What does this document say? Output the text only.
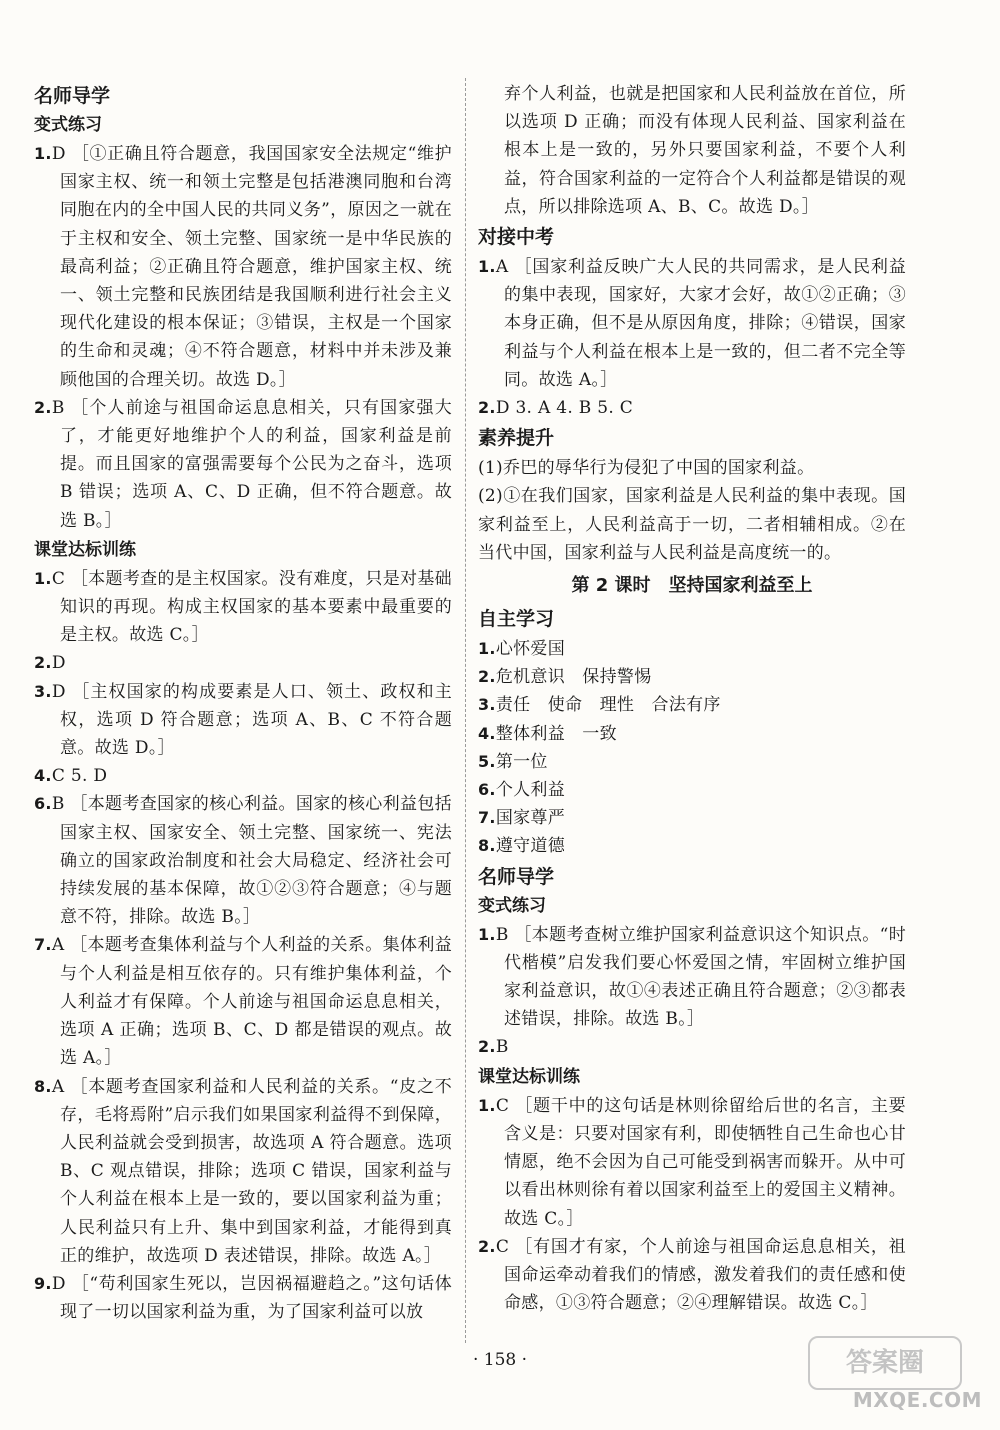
名师导学
变式练习

1.D ［①正确且符合题意，我国国家安全法规定“维护国家主权、统一和领土完整是包括港澳同胞和台湾同胞在内的全中国人民的共同义务”，原因之一就在于主权和安全、领土完整、国家统一是中华民族的最高利益；②正确且符合题意，维护国家主权、统一、领土完整和民族团结是我国顺利进行社会主义现代化建设的根本保证；③错误，主权是一个国家的生命和灵魂；④不符合题意，材料中并未涉及兼顾他国的合理关切。故选 D。］

2.B ［个人前途与祖国命运息息相关，只有国家强大了，才能更好地维护个人的利益，国家利益是前提。而且国家的富强需要每个公民为之奋斗，选项 B 错误；选项 A、C、D 正确，但不符合题意。故选 B。］

课堂达标训练

1.C ［本题考查的是主权国家。没有难度，只是对基础知识的再现。构成主权国家的基本要素中最重要的是主权。故选 C。］

2.D

3.D ［主权国家的构成要素是人口、领土、政权和主权，选项 D 符合题意；选项 A、B、C 不符合题意。故选 D。］

4.C 5. D

6.B ［本题考查国家的核心利益。国家的核心利益包括国家主权、国家安全、领土完整、国家统一、宪法确立的国家政治制度和社会大局稳定、经济社会可持续发展的基本保障，故①②③符合题意；④与题意不符，排除。故选 B。］

7.A ［本题考查集体利益与个人利益的关系。集体利益与个人利益是相互依存的。只有维护集体利益，个人利益才有保障。个人前途与祖国命运息息相关，选项 A 正确；选项 B、C、D 都是错误的观点。故选 A。］

8.A ［本题考查国家利益和人民利益的关系。“皮之不存，毛将焉附”启示我们如果国家利益得不到保障，人民利益就会受到损害，故选项 A 符合题意。选项 B、C 观点错误，排除；选项 C 错误，国家利益与个人利益在根本上是一致的，要以国家利益为重；人民利益只有上升、集中到国家利益，才能得到真正的维护，故选项 D 表述错误，排除。故选 A。］

9.D ［“苟利国家生死以，岂因祸福避趋之。”这句话体现了一切以国家利益为重，为了国家利益可以放

弃个人利益，也就是把国家和人民利益放在首位，所以选项 D 正确；而没有体现人民利益、国家利益在根本上是一致的，另外只要国家利益，不要个人利益，符合国家利益的一定符合个人利益都是错误的观点，所以排除选项 A、B、C。故选 D。］

对接中考

1.A ［国家利益反映广大人民的共同需求，是人民利益的集中表现，国家好，大家才会好，故①②正确；③本身正确，但不是从原因角度，排除；④错误，国家利益与个人利益在根本上是一致的，但二者不完全等同。故选 A。］

2.D 3. A 4. B 5. C

素养提升

(1)乔巴的辱华行为侵犯了中国的国家利益。

(2)①在我们国家，国家利益是人民利益的集中表现。国家利益至上，人民利益高于一切，二者相辅相成。②在当代中国，国家利益与人民利益是高度统一的。

第 2 课时　坚持国家利益至上
自主学习

1.心怀爱国

2.危机意识　保持警惕

3.责任　使命　理性　合法有序

4.整体利益　一致

5.第一位

6.个人利益

7.国家尊严

8.遵守道德

名师导学
变式练习

1.B ［本题考查树立维护国家利益意识这个知识点。“时代楷模”启发我们要心怀爱国之情，牢固树立维护国家利益意识，故①④表述正确且符合题意；②③都表述错误，排除。故选 B。］

2.B

课堂达标训练

1.C ［题干中的这句话是林则徐留给后世的名言，主要含义是：只要对国家有利，即使牺牲自己生命也心甘情愿，绝不会因为自己可能受到祸害而躲开。从中可以看出林则徐有着以国家利益至上的爱国主义精神。故选 C。］

2.C ［有国才有家，个人前途与祖国命运息息相关，祖国命运牵动着我们的情感，激发着我们的责任感和使命感，①③符合题意；②④理解错误。故选 C。］

· 158 ·	答案圈
MXQE.COM
